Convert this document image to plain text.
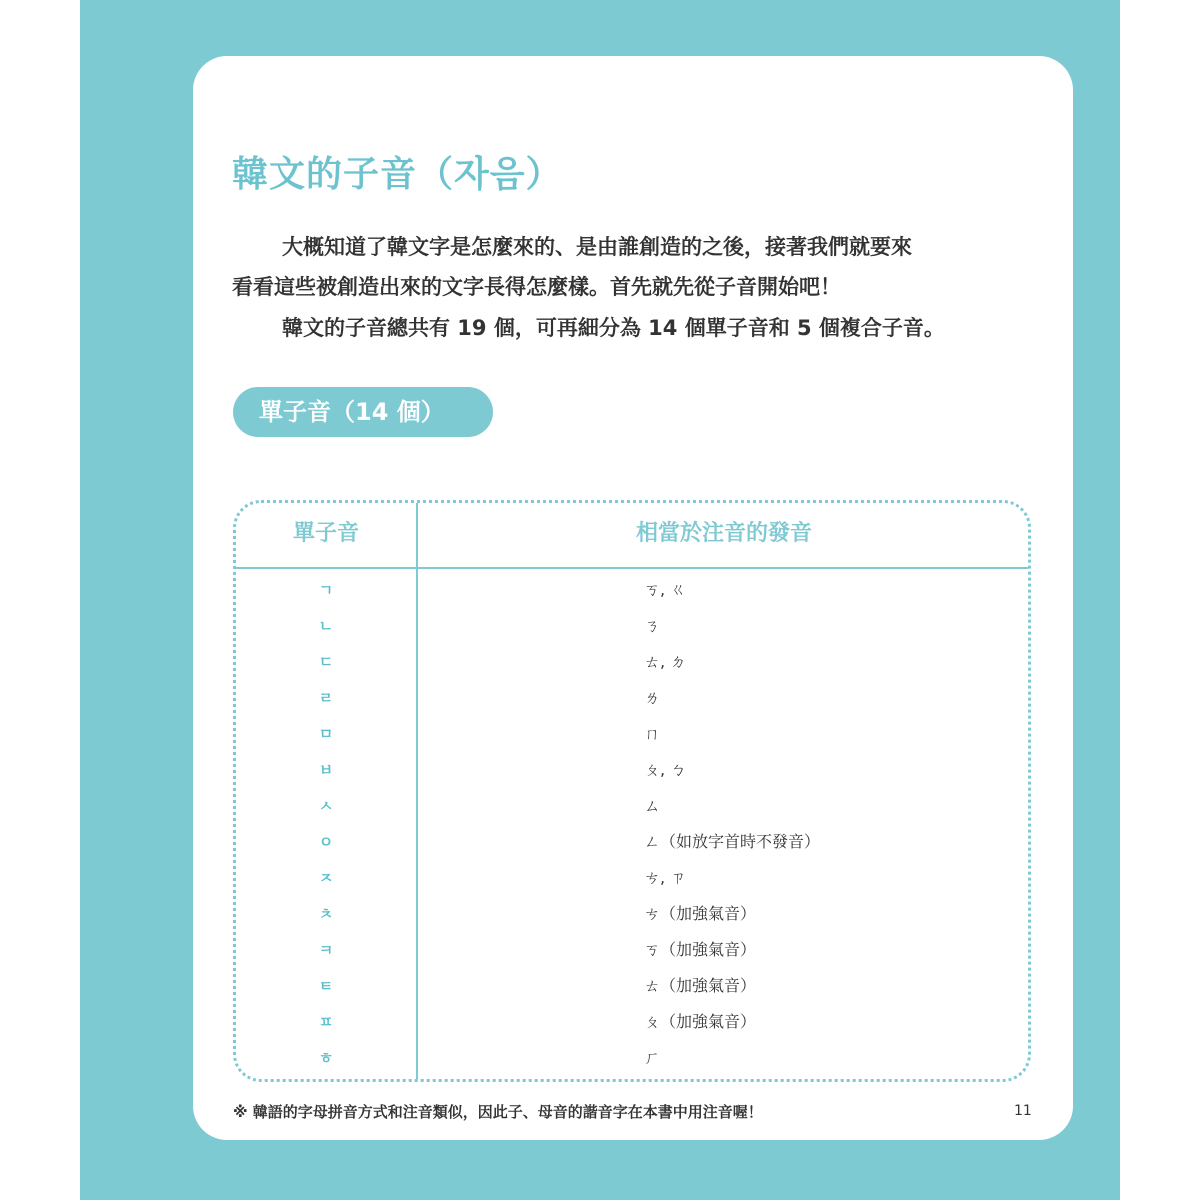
韓文的子音（자음）
大概知道了韓文字是怎麼來的、是由誰創造的之後，接著我們就要來
看看這些被創造出來的文字長得怎麼樣。首先就先從子音開始吧！
韓文的子音總共有 19 個，可再細分為 14 個單子音和 5 個複合子音。
單子音（14 個）
單子音	相當於注音的發音
ㄱ	ㄎ, ㄍ
ㄴ	ㄋ
ㄷ	ㄊ, ㄉ
ㄹ	ㄌ
ㅁ	ㄇ
ㅂ	ㄆ, ㄅ
ㅅ	ㄙ
ㅇ	ㄥ（如放字首時不發音）
ㅈ	ㄘ, ㄗ
ㅊ	ㄘ（加強氣音）
ㅋ	ㄎ（加強氣音）
ㅌ	ㄊ（加強氣音）
ㅍ	ㄆ（加強氣音）
ㅎ	ㄏ
※ 韓語的字母拼音方式和注音類似，因此子、母音的諧音字在本書中用注音喔！	11
